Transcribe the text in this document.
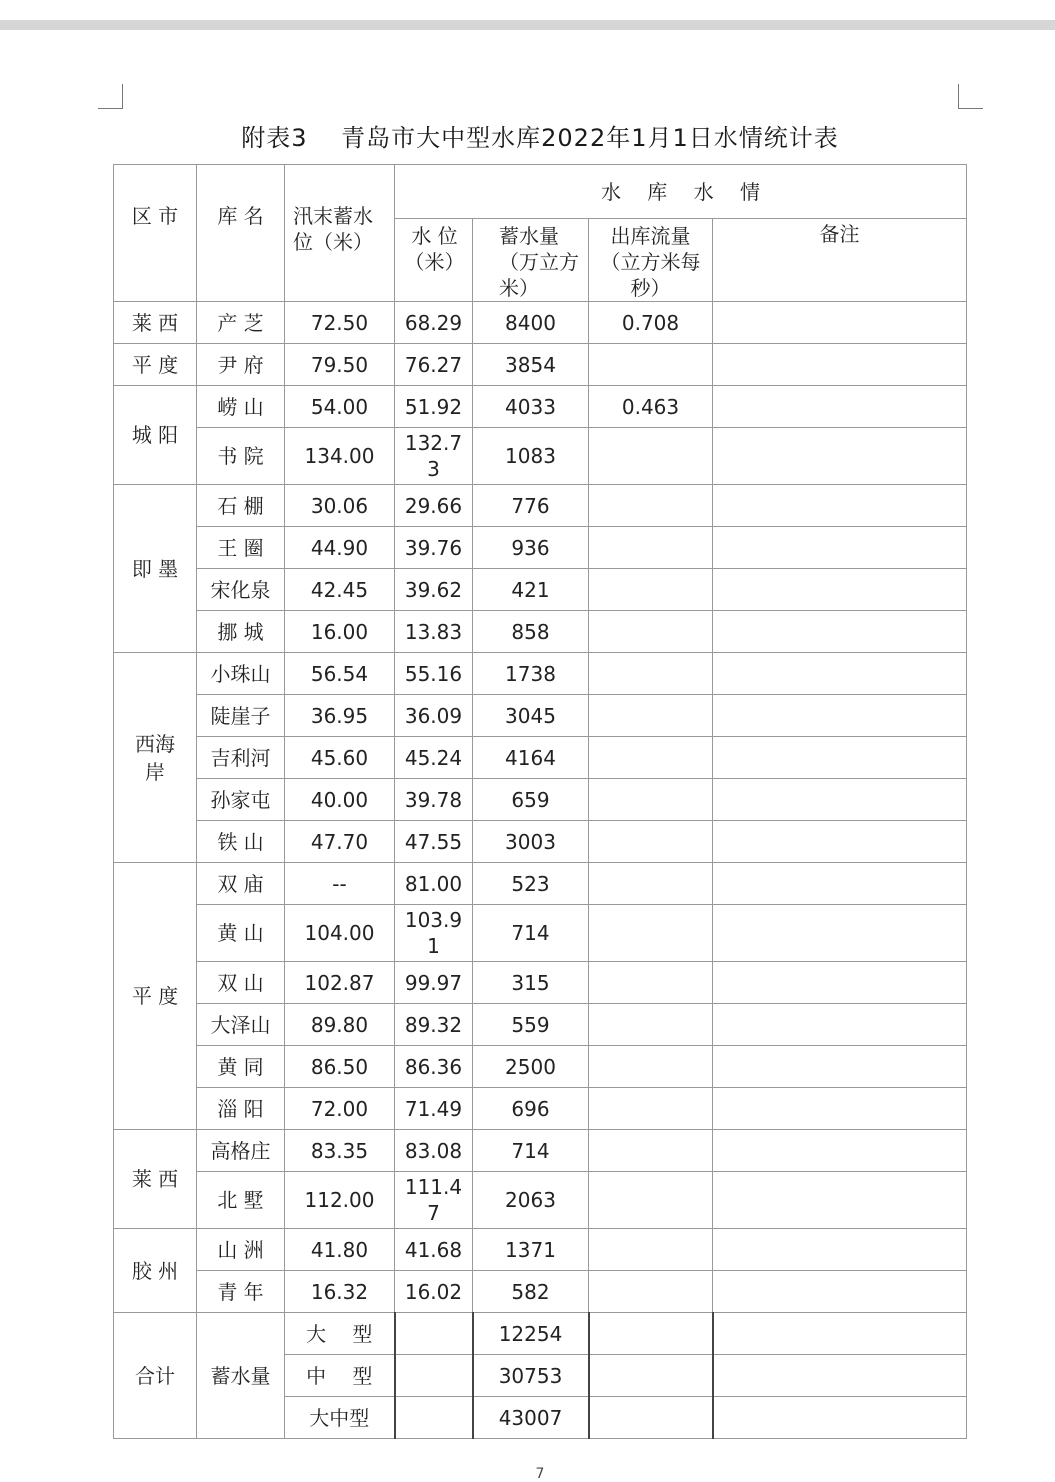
附表3　 青岛市大中型水库2022年1月1日水情统计表
区 市	库 名	汛末蓄水位（米）	水　 库　 水　 情			
			水 位（米）	蓄水量（万立方米）	出库流量（立方米每秒）	备注
莱 西	产 芝	72.50	68.29	8400	0.708	
平 度	尹 府	79.50	76.27	3854		
城 阳	崂 山	54.00	51.92	4033	0.463	
	书 院	134.00	132.73	1083		
即 墨	石 棚	30.06	29.66	776		
	王 圈	44.90	39.76	936		
	宋化泉	42.45	39.62	421		
	挪 城	16.00	13.83	858		
西海岸	小珠山	56.54	55.16	1738		
	陡崖子	36.95	36.09	3045		
	吉利河	45.60	45.24	4164		
	孙家屯	40.00	39.78	659		
	铁 山	47.70	47.55	3003		
平 度	双 庙	--	81.00	523		
	黄 山	104.00	103.91	714		
	双 山	102.87	99.97	315		
	大泽山	89.80	89.32	559		
	黄 同	86.50	86.36	2500		
	淄 阳	72.00	71.49	696		
莱 西	高格庄	83.35	83.08	714		
	北 墅	112.00	111.47	2063		
胶 州	山 洲	41.80	41.68	1371		
	青 年	16.32	16.02	582		
合计	蓄水量	大　 型		12254		
		中　 型		30753		
		大中型		43007		
7
